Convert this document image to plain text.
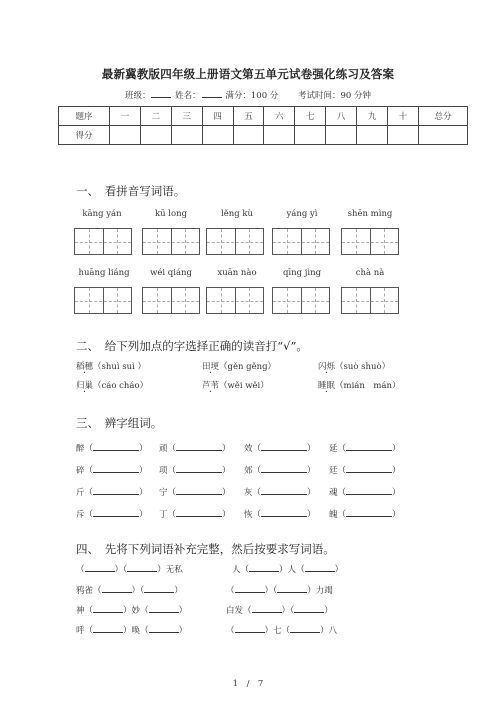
最新冀教版四年级上册语文第五单元试卷强化练习及答案
班级：	姓名：	满分：100 分　　 考试时间：90 分钟
题序	一	二	三	四	五	六	七	八	九	十	总分
得分											
一、　看拼音写词语。
kāng yán	kū long	lěng kù	yáng yì	shēn mìng
huāng liáng	wéi qiáng	xuān nào	qīng jìng	chà nà
二、　给下列加点的字选择正确的读音打“√”。
稻穗（shuì suì ）	田埂（gěn gěng）	闪烁（suò shuò）
归巢（cáo cháo）	芦苇（wěi wěi）	睡眠（mián　mán）
三、　辨字组词。
醉（	） 顽（	） 效（	） 延（	）
碎（	） 项（	） 郊（	） 廷（	）
斤（	） 宁（	） 灰（	） 魂（	）
斥（	） 丁（	） 恢（	） 魄（	）
四、　先将下列词语补充完整，然后按要求写词语。
（	）（	）无私	人（	）人（	）
鸦雀（	）（	）	（	）（	）力竭
神（	）妙（	）	白发（	）（	）
呼（	）唤（	）	（	）七（	）八
1　/　7
